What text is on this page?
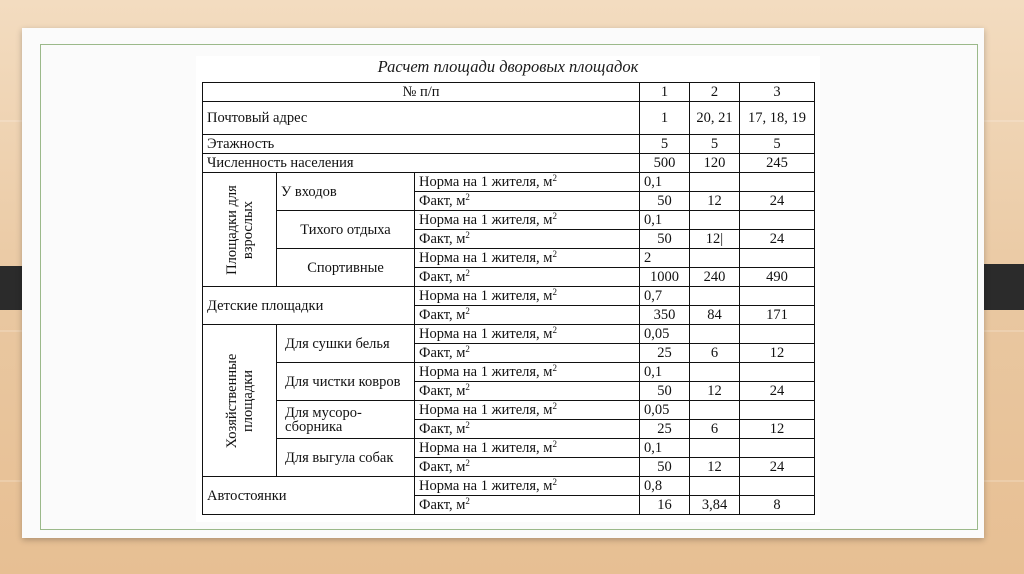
Расчет площади дворовых площадок
№ п/п			1	2	3
Почтовый адрес			1	20, 21	17, 18, 19
Этажность			5	5	5
Численность населения			500	120	245

Площадки для взрослых	У входов	Норма на 1 жителя, $м^2$	0,1		
		Факт, $м^2$	50	12	24
	Тихого отдыха	Норма на 1 жителя, $м^2$	0,1		
		Факт, $м^2$	50	12|	24
	Спортивные	Норма на 1 жителя, $м^2$	2		
		Факт, $м^2$	1000	240	490
Детские площадки		Норма на 1 жителя, $м^2$	0,7		
		Факт, $м^2$	350	84	171

Хозяйственные площадки	Для сушки белья	Норма на 1 жителя, $м^2$	0,05		
		Факт, $м^2$	25	6	12
	Для чистки ковров	Норма на 1 жителя, $м^2$	0,1		
		Факт, $м^2$	50	12	24
	Для мусоро-сборника	Норма на 1 жителя, $м^2$	0,05		
		Факт, $м^2$	25	6	12
	Для выгула собак	Норма на 1 жителя, $м^2$	0,1		
		Факт, $м^2$	50	12	24
Автостоянки		Норма на 1 жителя, $м^2$	0,8		
		Факт, $м^2$	16	3,84	8
